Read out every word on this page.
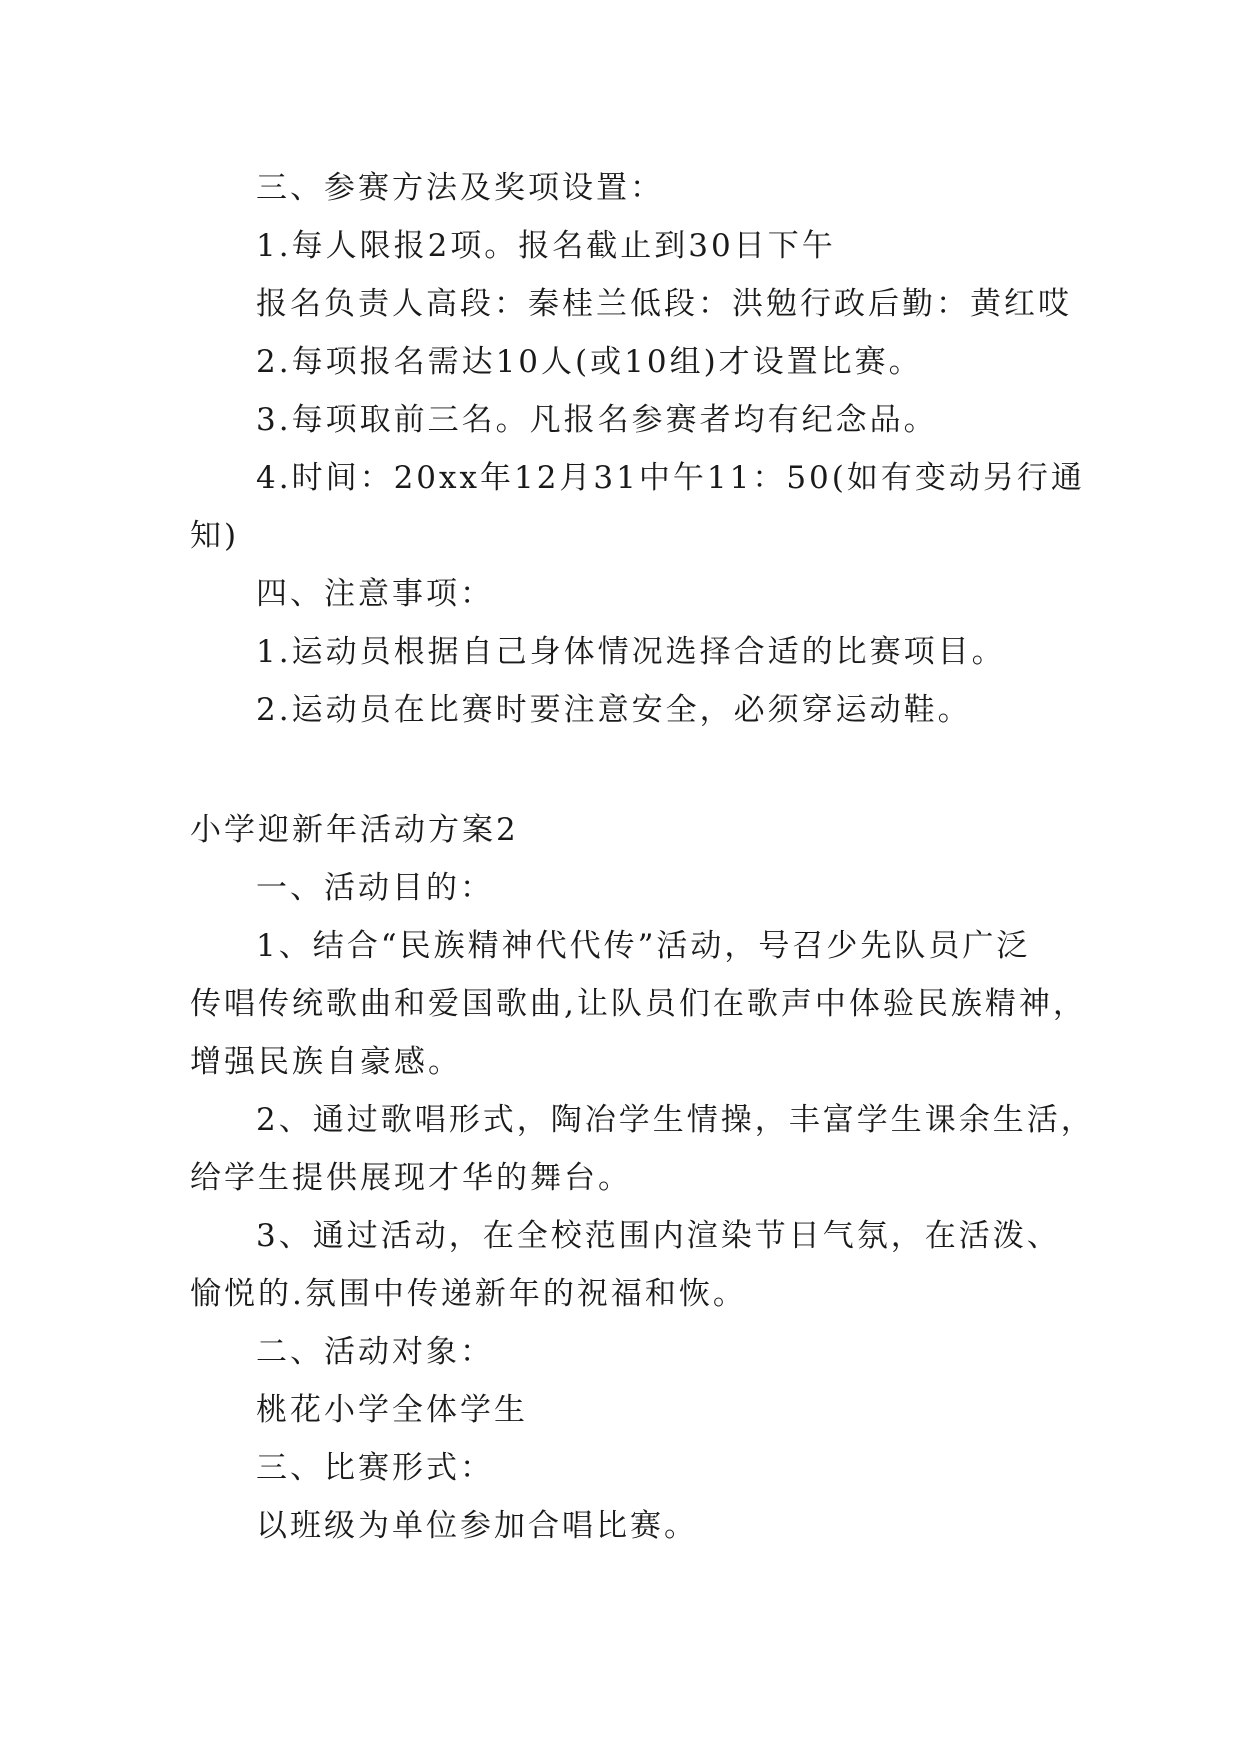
三、参赛方法及奖项设置：

1.每人限报2项。报名截止到30日下午

报名负责人高段：秦桂兰低段：洪勉行政后勤：黄红哎

2.每项报名需达10人(或10组)才设置比赛。

3.每项取前三名。凡报名参赛者均有纪念品。

4.时间：20xx年12月31中午11：50(如有变动另行通

知)

四、注意事项：

1.运动员根据自己身体情况选择合适的比赛项目。

2.运动员在比赛时要注意安全，必须穿运动鞋。

小学迎新年活动方案2

一、活动目的：

1、结合“民族精神代代传”活动，号召少先队员广泛

传唱传统歌曲和爱国歌曲,让队员们在歌声中体验民族精神，

增强民族自豪感。

2、通过歌唱形式，陶冶学生情操，丰富学生课余生活，

给学生提供展现才华的舞台。

3、通过活动，在全校范围内渲染节日气氛，在活泼、

愉悦的.氛围中传递新年的祝福和恢。

二、活动对象：

桃花小学全体学生

三、比赛形式：

以班级为单位参加合唱比赛。
